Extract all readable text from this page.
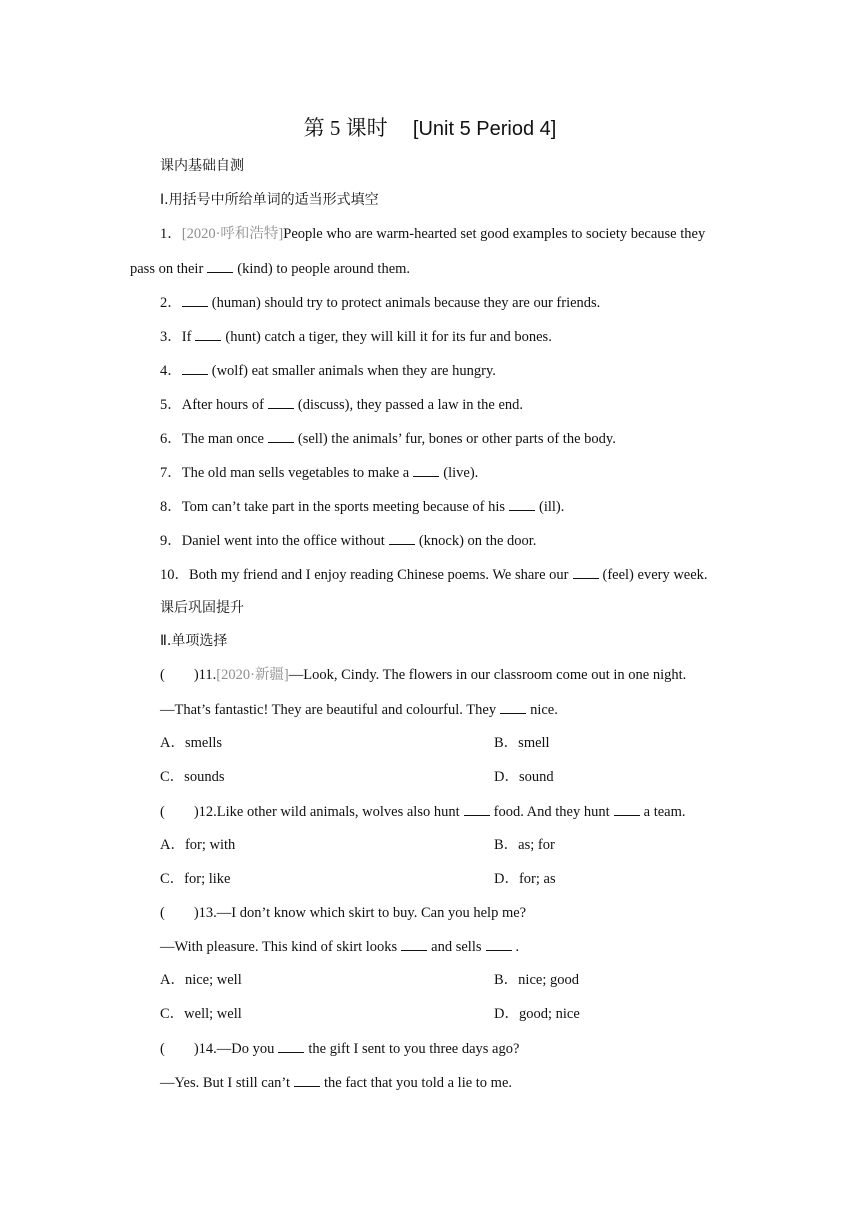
第 5 课时 [Unit 5 Period 4]
课内基础自测
Ⅰ.用括号中所给单词的适当形式填空
1．[2020·呼和浩特]People who are warm-hearted set good examples to society because they
pass on their (kind) to people around them.
2． (human) should try to protect animals because they are our friends.
3．If (hunt) catch a tiger, they will kill it for its fur and bones.
4． (wolf) eat smaller animals when they are hungry.
5．After hours of (discuss), they passed a law in the end.
6．The man once (sell) the animals’ fur, bones or other parts of the body.
7．The old man sells vegetables to make a (live).
8．Tom can’t take part in the sports meeting because of his (ill).
9．Daniel went into the office without (knock) on the door.
10．Both my friend and I enjoy reading Chinese poems. We share our (feel) every week.
课后巩固提升
Ⅱ.单项选择
(        )11.[2020·新疆]—Look, Cindy. The flowers in our classroom come out in one night.
—That’s fantastic! They are beautiful and colourful. They nice.
A．smells	B．smell
C．sounds	D．sound
(        )12.Like other wild animals, wolves also hunt food. And they hunt a team.
A．for; with	B．as; for
C．for; like	D．for; as
(        )13.—I don’t know which skirt to buy. Can you help me?
—With pleasure. This kind of skirt looks and sells .
A．nice; well	B．nice; good
C．well; well	D．good; nice
(        )14.—Do you the gift I sent to you three days ago?
—Yes. But I still can’t the fact that you told a lie to me.
